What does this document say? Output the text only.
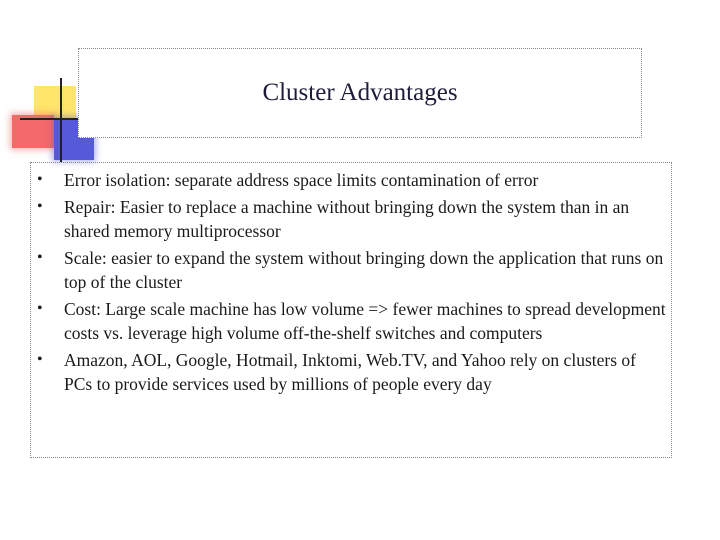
Cluster Advantages
• Error isolation: separate address space limits contamination of error
• Repair: Easier to replace a machine without bringing down the system than in an shared memory multiprocessor
• Scale: easier to expand the system without bringing down the application that runs on top of the cluster
• Cost: Large scale machine has low volume => fewer machines to spread development costs vs. leverage high volume off-the-shelf switches and computers
• Amazon, AOL, Google, Hotmail, Inktomi, Web.TV, and Yahoo rely on clusters of PCs to provide services used by millions of people every day
